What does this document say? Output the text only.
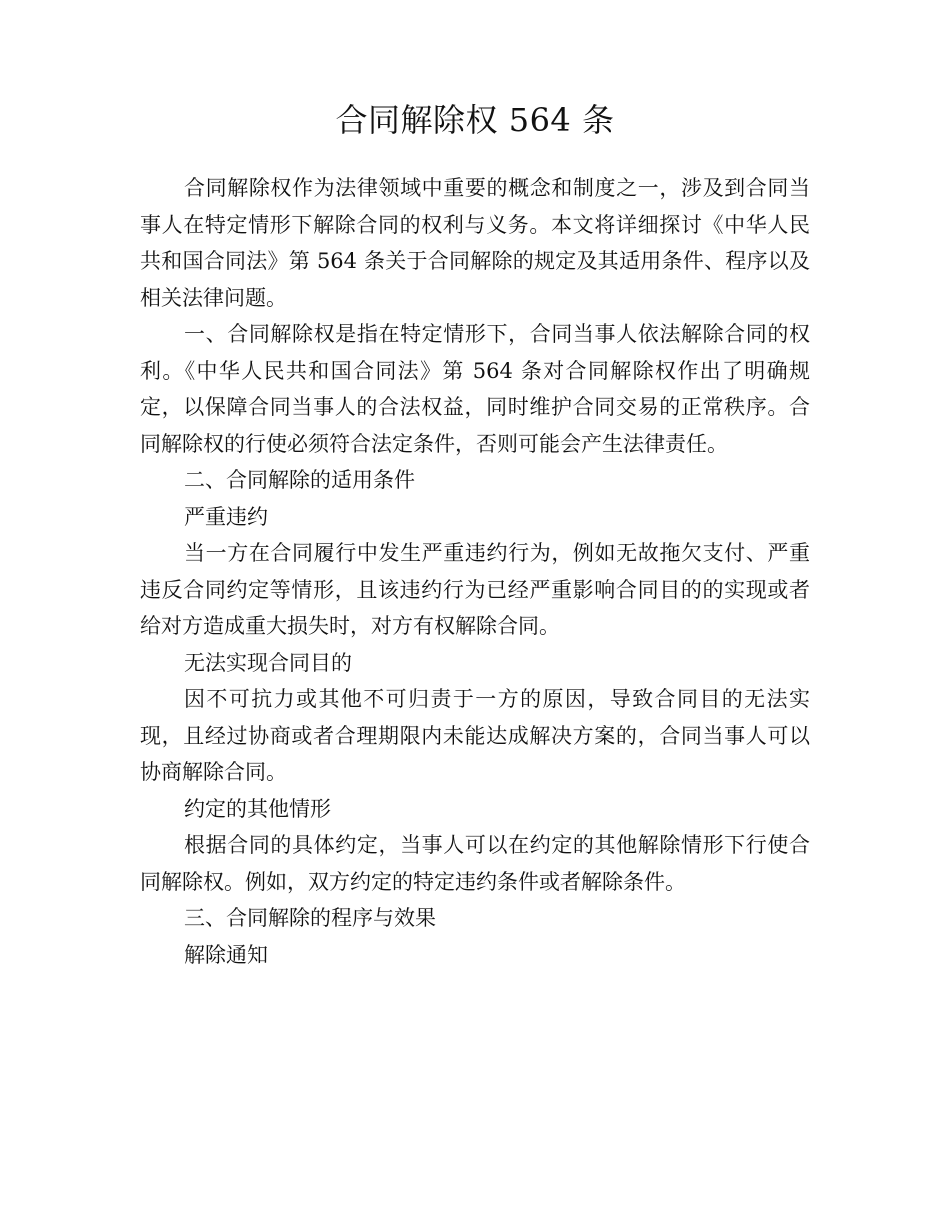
合同解除权 564 条

合同解除权作为法律领域中重要的概念和制度之一，涉及到合同当事人在特定情形下解除合同的权利与义务。本文将详细探讨《中华人民共和国合同法》第 564 条关于合同解除的规定及其适用条件、程序以及相关法律问题。

一、合同解除权是指在特定情形下，合同当事人依法解除合同的权利。《中华人民共和国合同法》第 564 条对合同解除权作出了明确规定，以保障合同当事人的合法权益，同时维护合同交易的正常秩序。合同解除权的行使必须符合法定条件，否则可能会产生法律责任。

二、合同解除的适用条件

严重违约

当一方在合同履行中发生严重违约行为，例如无故拖欠支付、严重违反合同约定等情形，且该违约行为已经严重影响合同目的的实现或者给对方造成重大损失时，对方有权解除合同。

无法实现合同目的

因不可抗力或其他不可归责于一方的原因，导致合同目的无法实现，且经过协商或者合理期限内未能达成解决方案的，合同当事人可以协商解除合同。

约定的其他情形

根据合同的具体约定，当事人可以在约定的其他解除情形下行使合同解除权。例如，双方约定的特定违约条件或者解除条件。

三、合同解除的程序与效果

解除通知
